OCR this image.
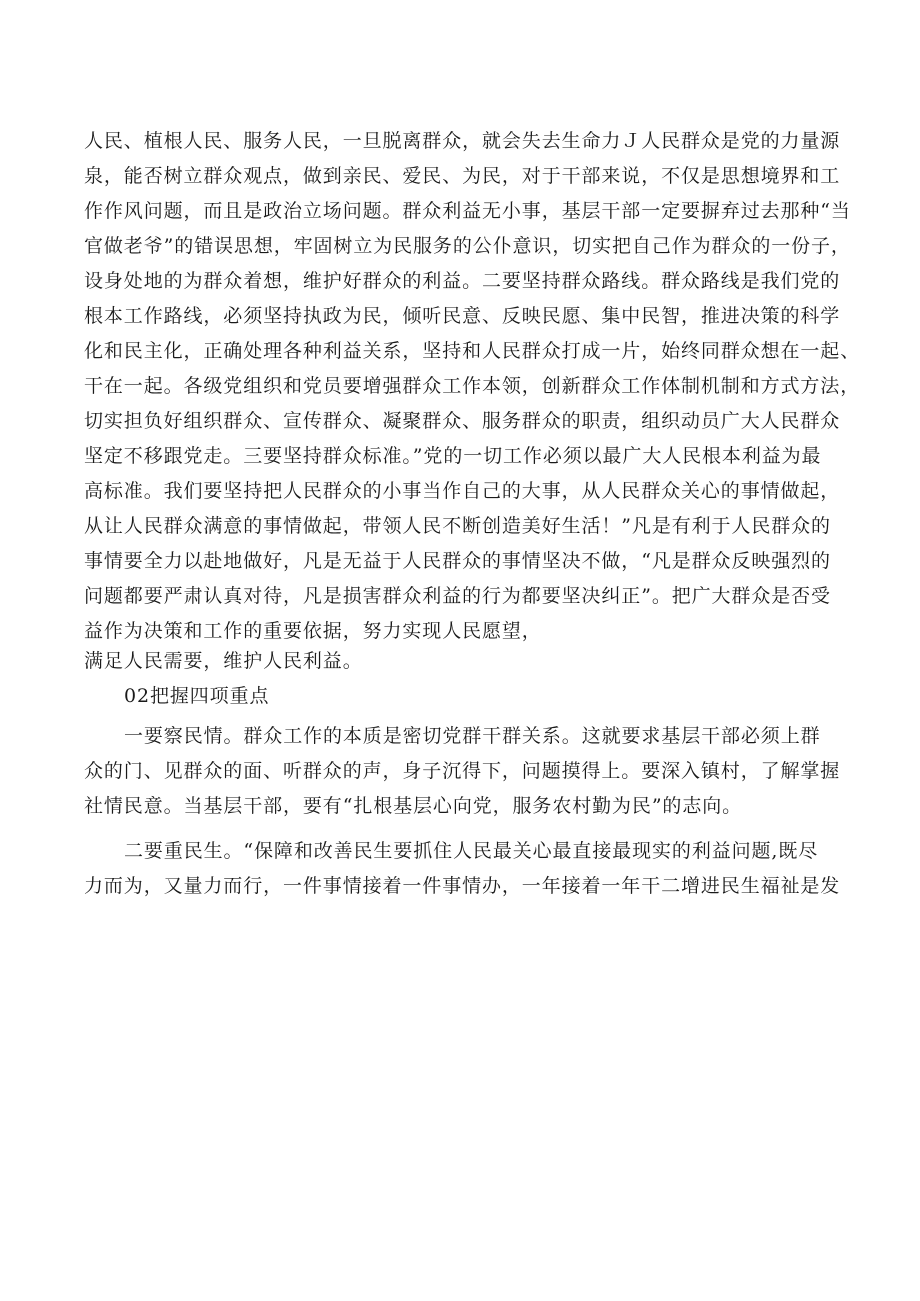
人民、植根人民、服务人民，一旦脱离群众，就会失去生命力Ｊ人民群众是党的力量源
泉，能否树立群众观点，做到亲民、爱民、为民，对于干部来说，不仅是思想境界和工
作作风问题，而且是政治立场问题。群众利益无小事，基层干部一定要摒弃过去那种“当
官做老爷”的错误思想，牢固树立为民服务的公仆意识，切实把自己作为群众的一份子，
设身处地的为群众着想，维护好群众的利益。二要坚持群众路线。群众路线是我们党的
根本工作路线，必须坚持执政为民，倾听民意、反映民愿、集中民智，推进决策的科学
化和民主化，正确处理各种利益关系，坚持和人民群众打成一片，始终同群众想在一起、
干在一起。各级党组织和党员要增强群众工作本领，创新群众工作体制机制和方式方法，
切实担负好组织群众、宣传群众、凝聚群众、服务群众的职责，组织动员广大人民群众
坚定不移跟党走。三要坚持群众标准。”党的一切工作必须以最广大人民根本利益为最
高标准。我们要坚持把人民群众的小事当作自己的大事，从人民群众关心的事情做起，
从让人民群众满意的事情做起，带领人民不断创造美好生活！”凡是有利于人民群众的
事情要全力以赴地做好，凡是无益于人民群众的事情坚决不做，“凡是群众反映强烈的
问题都要严肃认真对待，凡是损害群众利益的行为都要坚决纠正”。把广大群众是否受
益作为决策和工作的重要依据，努力实现人民愿望，
满足人民需要，维护人民利益。
02把握四项重点
一要察民情。群众工作的本质是密切党群干群关系。这就要求基层干部必须上群
众的门、见群众的面、听群众的声，身子沉得下，问题摸得上。要深入镇村，了解掌握
社情民意。当基层干部，要有“扎根基层心向党，服务农村勤为民”的志向。
二要重民生。“保障和改善民生要抓住人民最关心最直接最现实的利益问题,既尽
力而为，又量力而行，一件事情接着一件事情办，一年接着一年干二增进民生福祉是发
